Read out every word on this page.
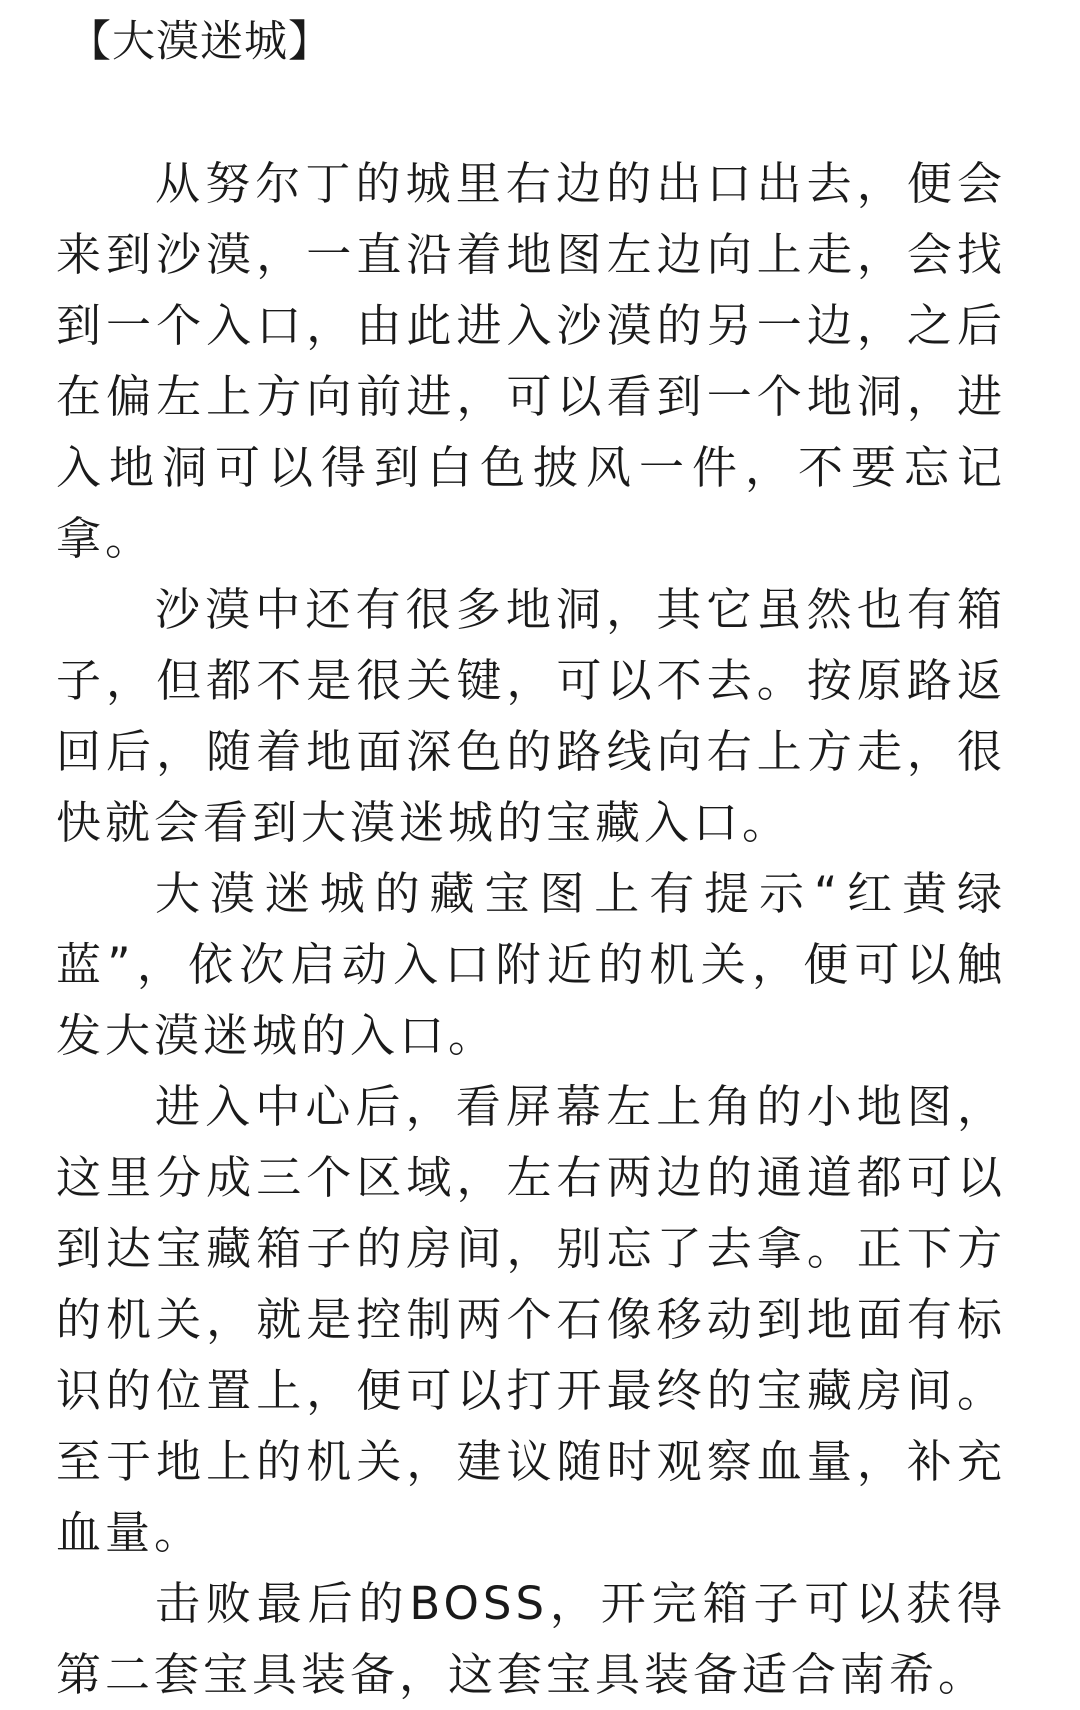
【大漠迷城】

从努尔丁的城里右边的出口出去，便会来到沙漠，一直沿着地图左边向上走，会找到一个入口，由此进入沙漠的另一边，之后在偏左上方向前进，可以看到一个地洞，进入地洞可以得到白色披风一件，不要忘记拿。

沙漠中还有很多地洞，其它虽然也有箱子，但都不是很关键，可以不去。按原路返回后，随着地面深色的路线向右上方走，很快就会看到大漠迷城的宝藏入口。

大漠迷城的藏宝图上有提示“红黄绿蓝”，依次启动入口附近的机关，便可以触发大漠迷城的入口。

进入中心后，看屏幕左上角的小地图，这里分成三个区域，左右两边的通道都可以到达宝藏箱子的房间，别忘了去拿。正下方的机关，就是控制两个石像移动到地面有标识的位置上，便可以打开最终的宝藏房间。至于地上的机关，建议随时观察血量，补充血量。

击败最后的BOSS，开完箱子可以获得第二套宝具装备，这套宝具装备适合南希。
